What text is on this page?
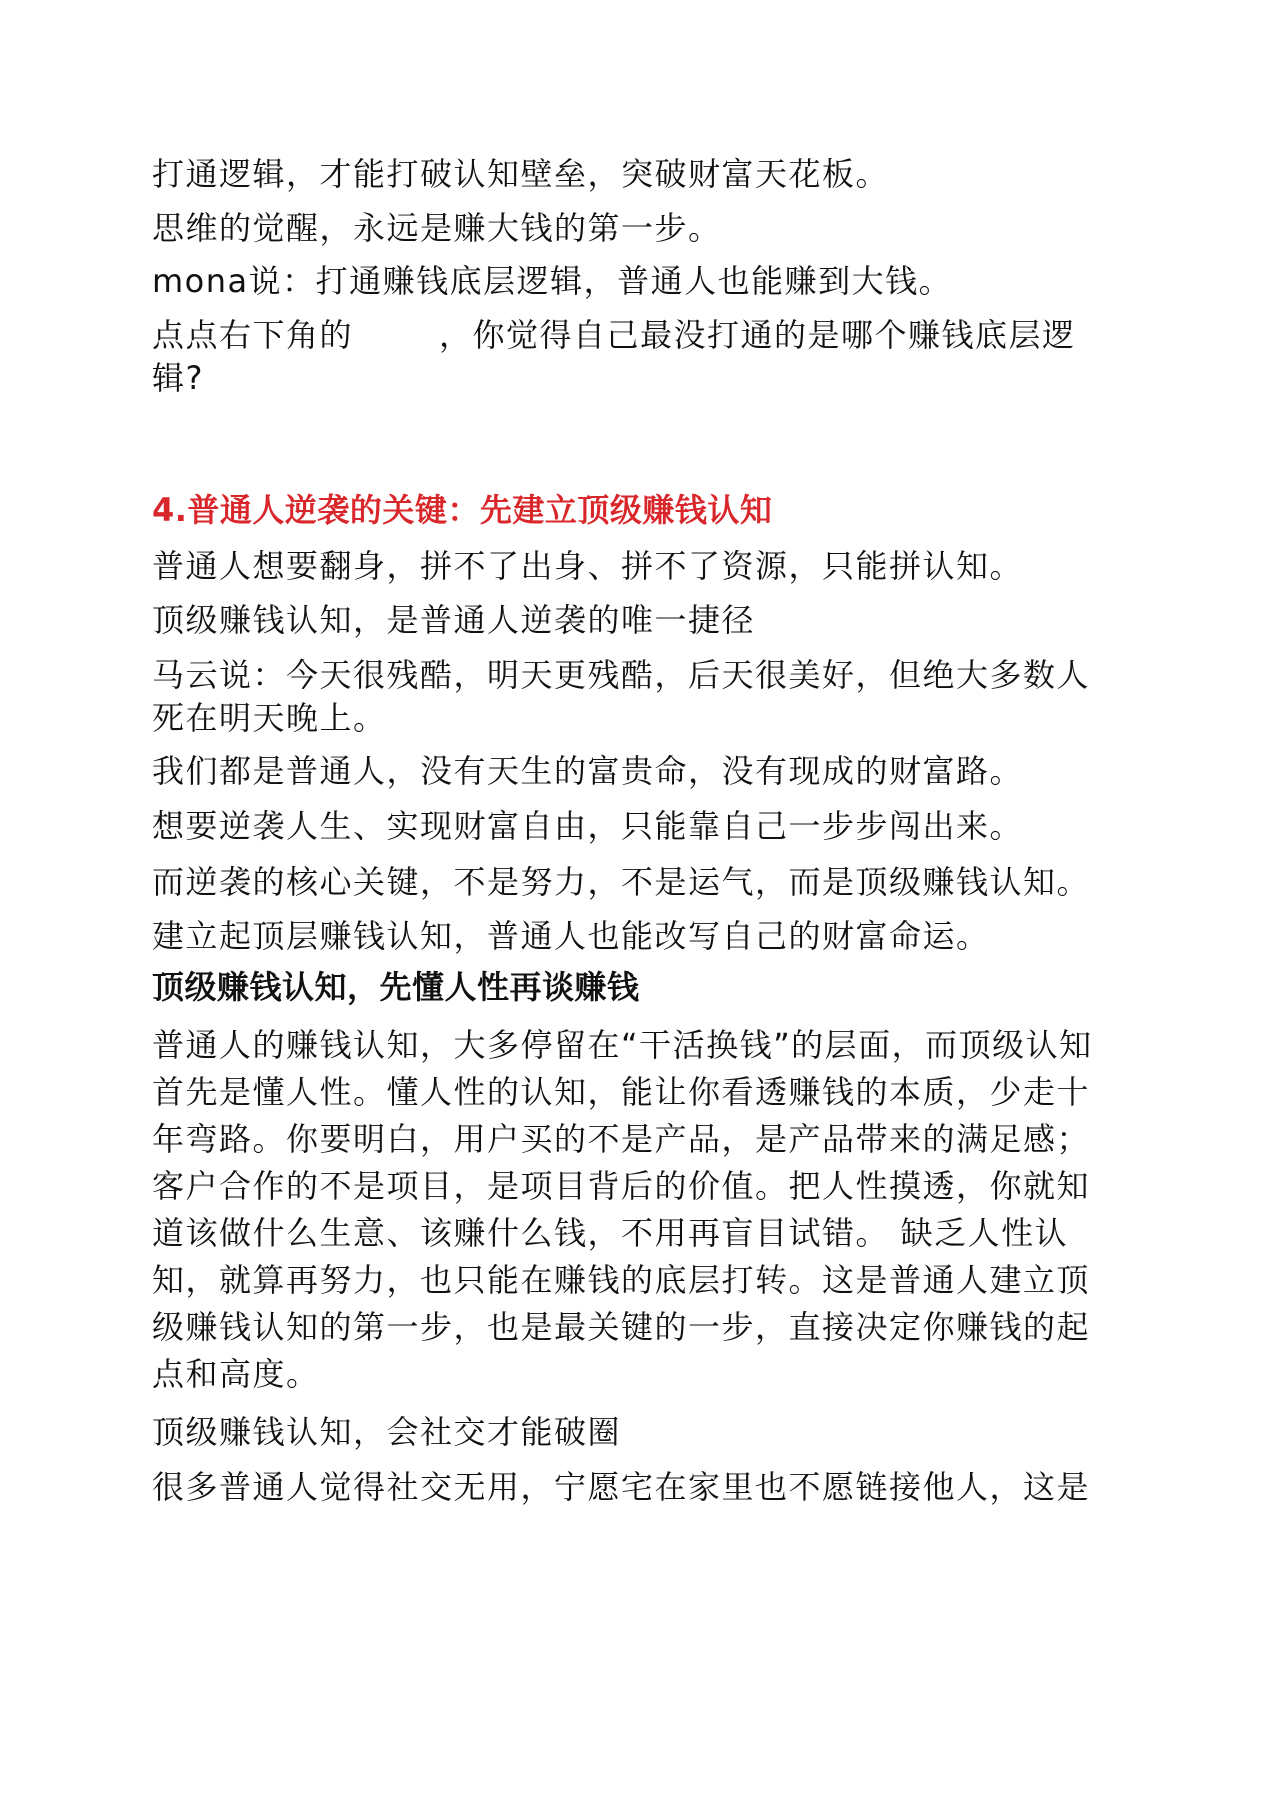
打通逻辑，才能打破认知壁垒，突破财富天花板。

思维的觉醒，永远是赚大钱的第一步。

mona说：打通赚钱底层逻辑，普通人也能赚到大钱。

点点右下角的	，你觉得自己最没打通的是哪个赚钱底层逻

辑?

4.普通人逆袭的关键：先建立顶级赚钱认知

普通人想要翻身，拼不了出身、拼不了资源，只能拼认知。

顶级赚钱认知，是普通人逆袭的唯一捷径

马云说：今天很残酷，明天更残酷，后天很美好，但绝大多数人

死在明天晚上。

我们都是普通人，没有天生的富贵命，没有现成的财富路。

想要逆袭人生、实现财富自由，只能靠自己一步步闯出来。

而逆袭的核心关键，不是努力，不是运气，而是顶级赚钱认知。

建立起顶层赚钱认知，普通人也能改写自己的财富命运。

顶级赚钱认知，先懂人性再谈赚钱

普通人的赚钱认知，大多停留在“干活换钱”的层面，而顶级认知

首先是懂人性。懂人性的认知，能让你看透赚钱的本质，少走十

年弯路。你要明白，用户买的不是产品，是产品带来的满足感；

客户合作的不是项目，是项目背后的价值。把人性摸透，你就知

道该做什么生意、该赚什么钱，不用再盲目试错。 缺乏人性认

知，就算再努力，也只能在赚钱的底层打转。这是普通人建立顶

级赚钱认知的第一步，也是最关键的一步，直接决定你赚钱的起

点和高度。

顶级赚钱认知，会社交才能破圈

很多普通人觉得社交无用，宁愿宅在家里也不愿链接他人，这是
